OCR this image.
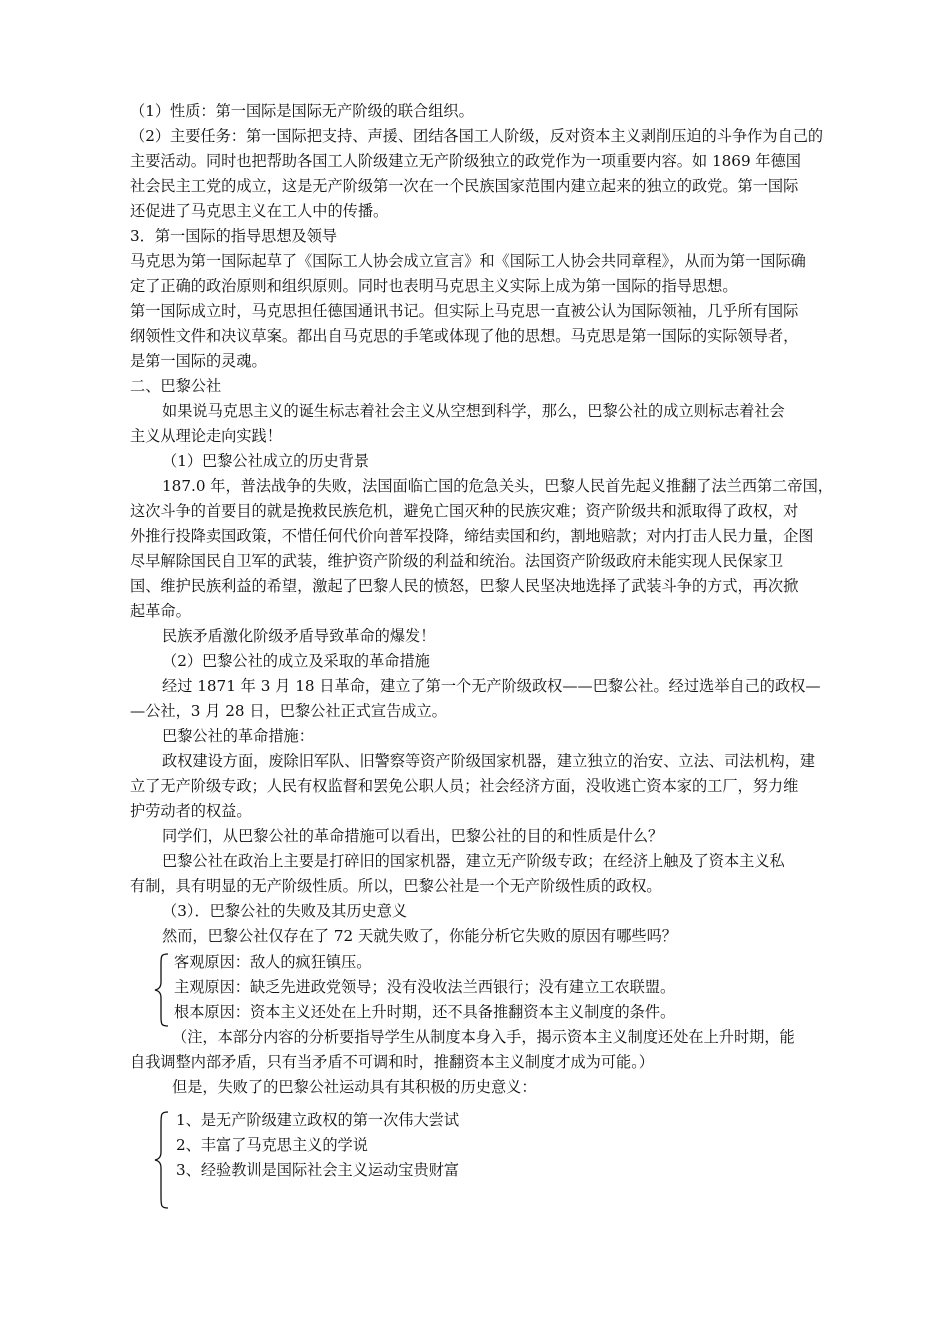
（1）性质：第一国际是国际无产阶级的联合组织。
（2）主要任务：第一国际把支持、声援、团结各国工人阶级，反对资本主义剥削压迫的斗争作为自己的
主要活动。同时也把帮助各国工人阶级建立无产阶级独立的政党作为一项重要内容。如 1869 年德国
社会民主工党的成立，这是无产阶级第一次在一个民族国家范围内建立起来的独立的政党。第一国际
还促进了马克思主义在工人中的传播。
3．第一国际的指导思想及领导
马克思为第一国际起草了《国际工人协会成立宣言》和《国际工人协会共同章程》，从而为第一国际确
定了正确的政治原则和组织原则。同时也表明马克思主义实际上成为第一国际的指导思想。
第一国际成立时，马克思担任德国通讯书记。但实际上马克思一直被公认为国际领袖，几乎所有国际
纲领性文件和决议草案。都出自马克思的手笔或体现了他的思想。马克思是第一国际的实际领导者，
是第一国际的灵魂。
二、巴黎公社
如果说马克思主义的诞生标志着社会主义从空想到科学，那么，巴黎公社的成立则标志着社会
主义从理论走向实践！
（1）巴黎公社成立的历史背景
187.0 年，普法战争的失败，法国面临亡国的危急关头，巴黎人民首先起义推翻了法兰西第二帝国，
这次斗争的首要目的就是挽救民族危机，避免亡国灭种的民族灾难；资产阶级共和派取得了政权，对
外推行投降卖国政策，不惜任何代价向普军投降，缔结卖国和约，割地赔款；对内打击人民力量，企图
尽早解除国民自卫军的武装，维护资产阶级的利益和统治。法国资产阶级政府未能实现人民保家卫
国、维护民族利益的希望，激起了巴黎人民的愤怒，巴黎人民坚决地选择了武装斗争的方式，再次掀
起革命。
民族矛盾激化阶级矛盾导致革命的爆发！
（2）巴黎公社的成立及采取的革命措施
经过 1871 年 3 月 18 日革命，建立了第一个无产阶级政权——巴黎公社。经过选举自己的政权—
—公社，3 月 28 日，巴黎公社正式宣告成立。
巴黎公社的革命措施：
政权建设方面，废除旧军队、旧警察等资产阶级国家机器，建立独立的治安、立法、司法机构，建
立了无产阶级专政；人民有权监督和罢免公职人员；社会经济方面，没收逃亡资本家的工厂，努力维
护劳动者的权益。
同学们，从巴黎公社的革命措施可以看出，巴黎公社的目的和性质是什么？
巴黎公社在政治上主要是打碎旧的国家机器，建立无产阶级专政；在经济上触及了资本主义私
有制，具有明显的无产阶级性质。所以，巴黎公社是一个无产阶级性质的政权。
（3）．巴黎公社的失败及其历史意义
然而，巴黎公社仅存在了 72 天就失败了，你能分析它失败的原因有哪些吗？
客观原因：敌人的疯狂镇压。
主观原因：缺乏先进政党领导；没有没收法兰西银行；没有建立工农联盟。
根本原因：资本主义还处在上升时期，还不具备推翻资本主义制度的条件。
（注，本部分内容的分析要指导学生从制度本身入手，揭示资本主义制度还处在上升时期，能
自我调整内部矛盾，只有当矛盾不可调和时，推翻资本主义制度才成为可能。）
但是，失败了的巴黎公社运动具有其积极的历史意义：
1、是无产阶级建立政权的第一次伟大尝试
2、丰富了马克思主义的学说
3、经验教训是国际社会主义运动宝贵财富
